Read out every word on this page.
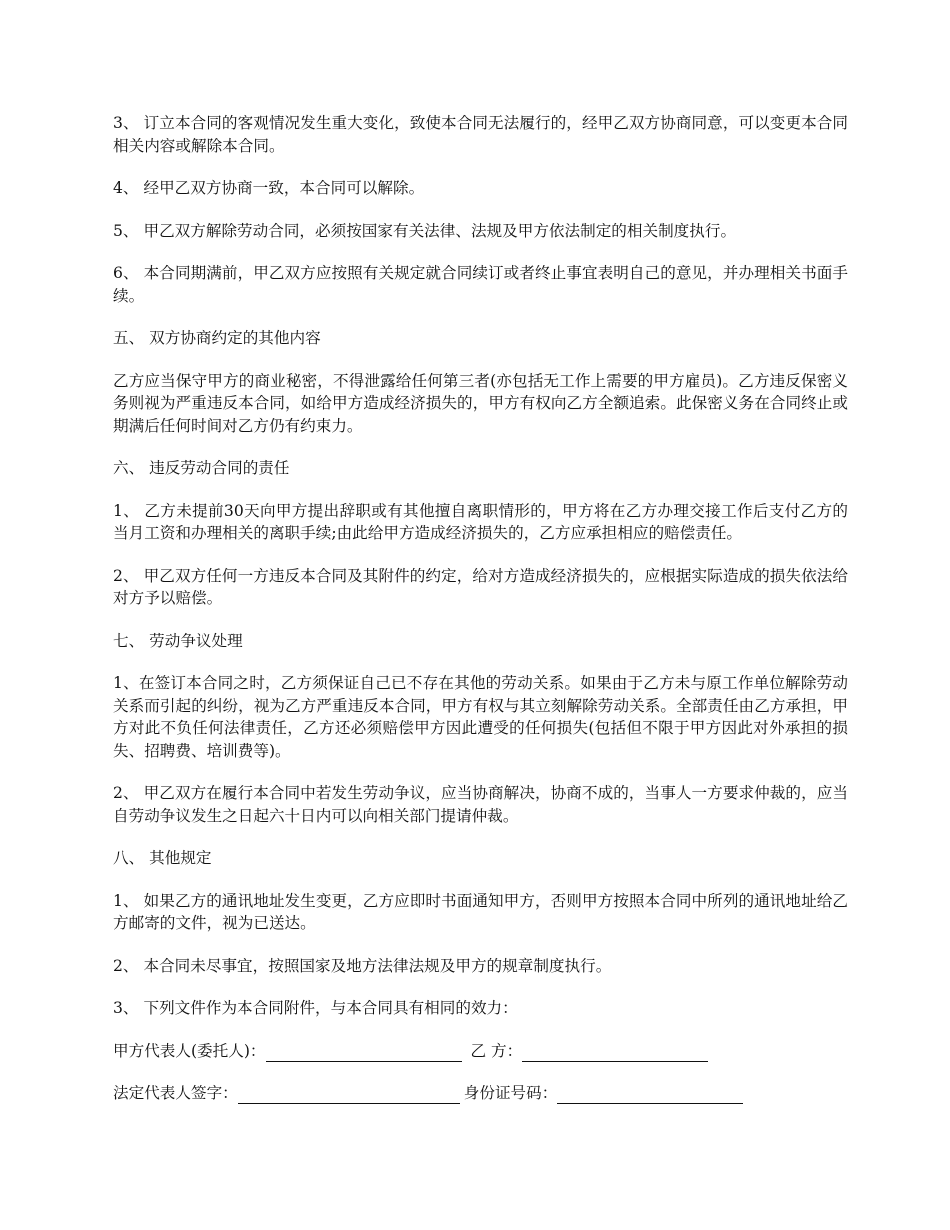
3、 订立本合同的客观情况发生重大变化，致使本合同无法履行的，经甲乙双方协商同意，可以变更本合同相关内容或解除本合同。

4、 经甲乙双方协商一致，本合同可以解除。

5、 甲乙双方解除劳动合同，必须按国家有关法律、法规及甲方依法制定的相关制度执行。

6、 本合同期满前，甲乙双方应按照有关规定就合同续订或者终止事宜表明自己的意见，并办理相关书面手续。

五、 双方协商约定的其他内容

乙方应当保守甲方的商业秘密，不得泄露给任何第三者(亦包括无工作上需要的甲方雇员)。乙方违反保密义务则视为严重违反本合同，如给甲方造成经济损失的，甲方有权向乙方全额追索。此保密义务在合同终止或期满后任何时间对乙方仍有约束力。

六、 违反劳动合同的责任

1、 乙方未提前30天向甲方提出辞职或有其他擅自离职情形的，甲方将在乙方办理交接工作后支付乙方的当月工资和办理相关的离职手续;由此给甲方造成经济损失的，乙方应承担相应的赔偿责任。

2、 甲乙双方任何一方违反本合同及其附件的约定，给对方造成经济损失的，应根据实际造成的损失依法给对方予以赔偿。

七、 劳动争议处理

1、在签订本合同之时，乙方须保证自己已不存在其他的劳动关系。如果由于乙方未与原工作单位解除劳动关系而引起的纠纷，视为乙方严重违反本合同，甲方有权与其立刻解除劳动关系。全部责任由乙方承担，甲方对此不负任何法律责任，乙方还必须赔偿甲方因此遭受的任何损失(包括但不限于甲方因此对外承担的损失、招聘费、培训费等)。

2、 甲乙双方在履行本合同中若发生劳动争议，应当协商解决，协商不成的，当事人一方要求仲裁的，应当自劳动争议发生之日起六十日内可以向相关部门提请仲裁。

八、 其他规定

1、 如果乙方的通讯地址发生变更，乙方应即时书面通知甲方，否则甲方按照本合同中所列的通讯地址给乙方邮寄的文件，视为已送达。

2、 本合同未尽事宜，按照国家及地方法律法规及甲方的规章制度执行。

3、 下列文件作为本合同附件，与本合同具有相同的效力：

甲方代表人(委托人)：	乙 方：
法定代表人签字：	身份证号码：
